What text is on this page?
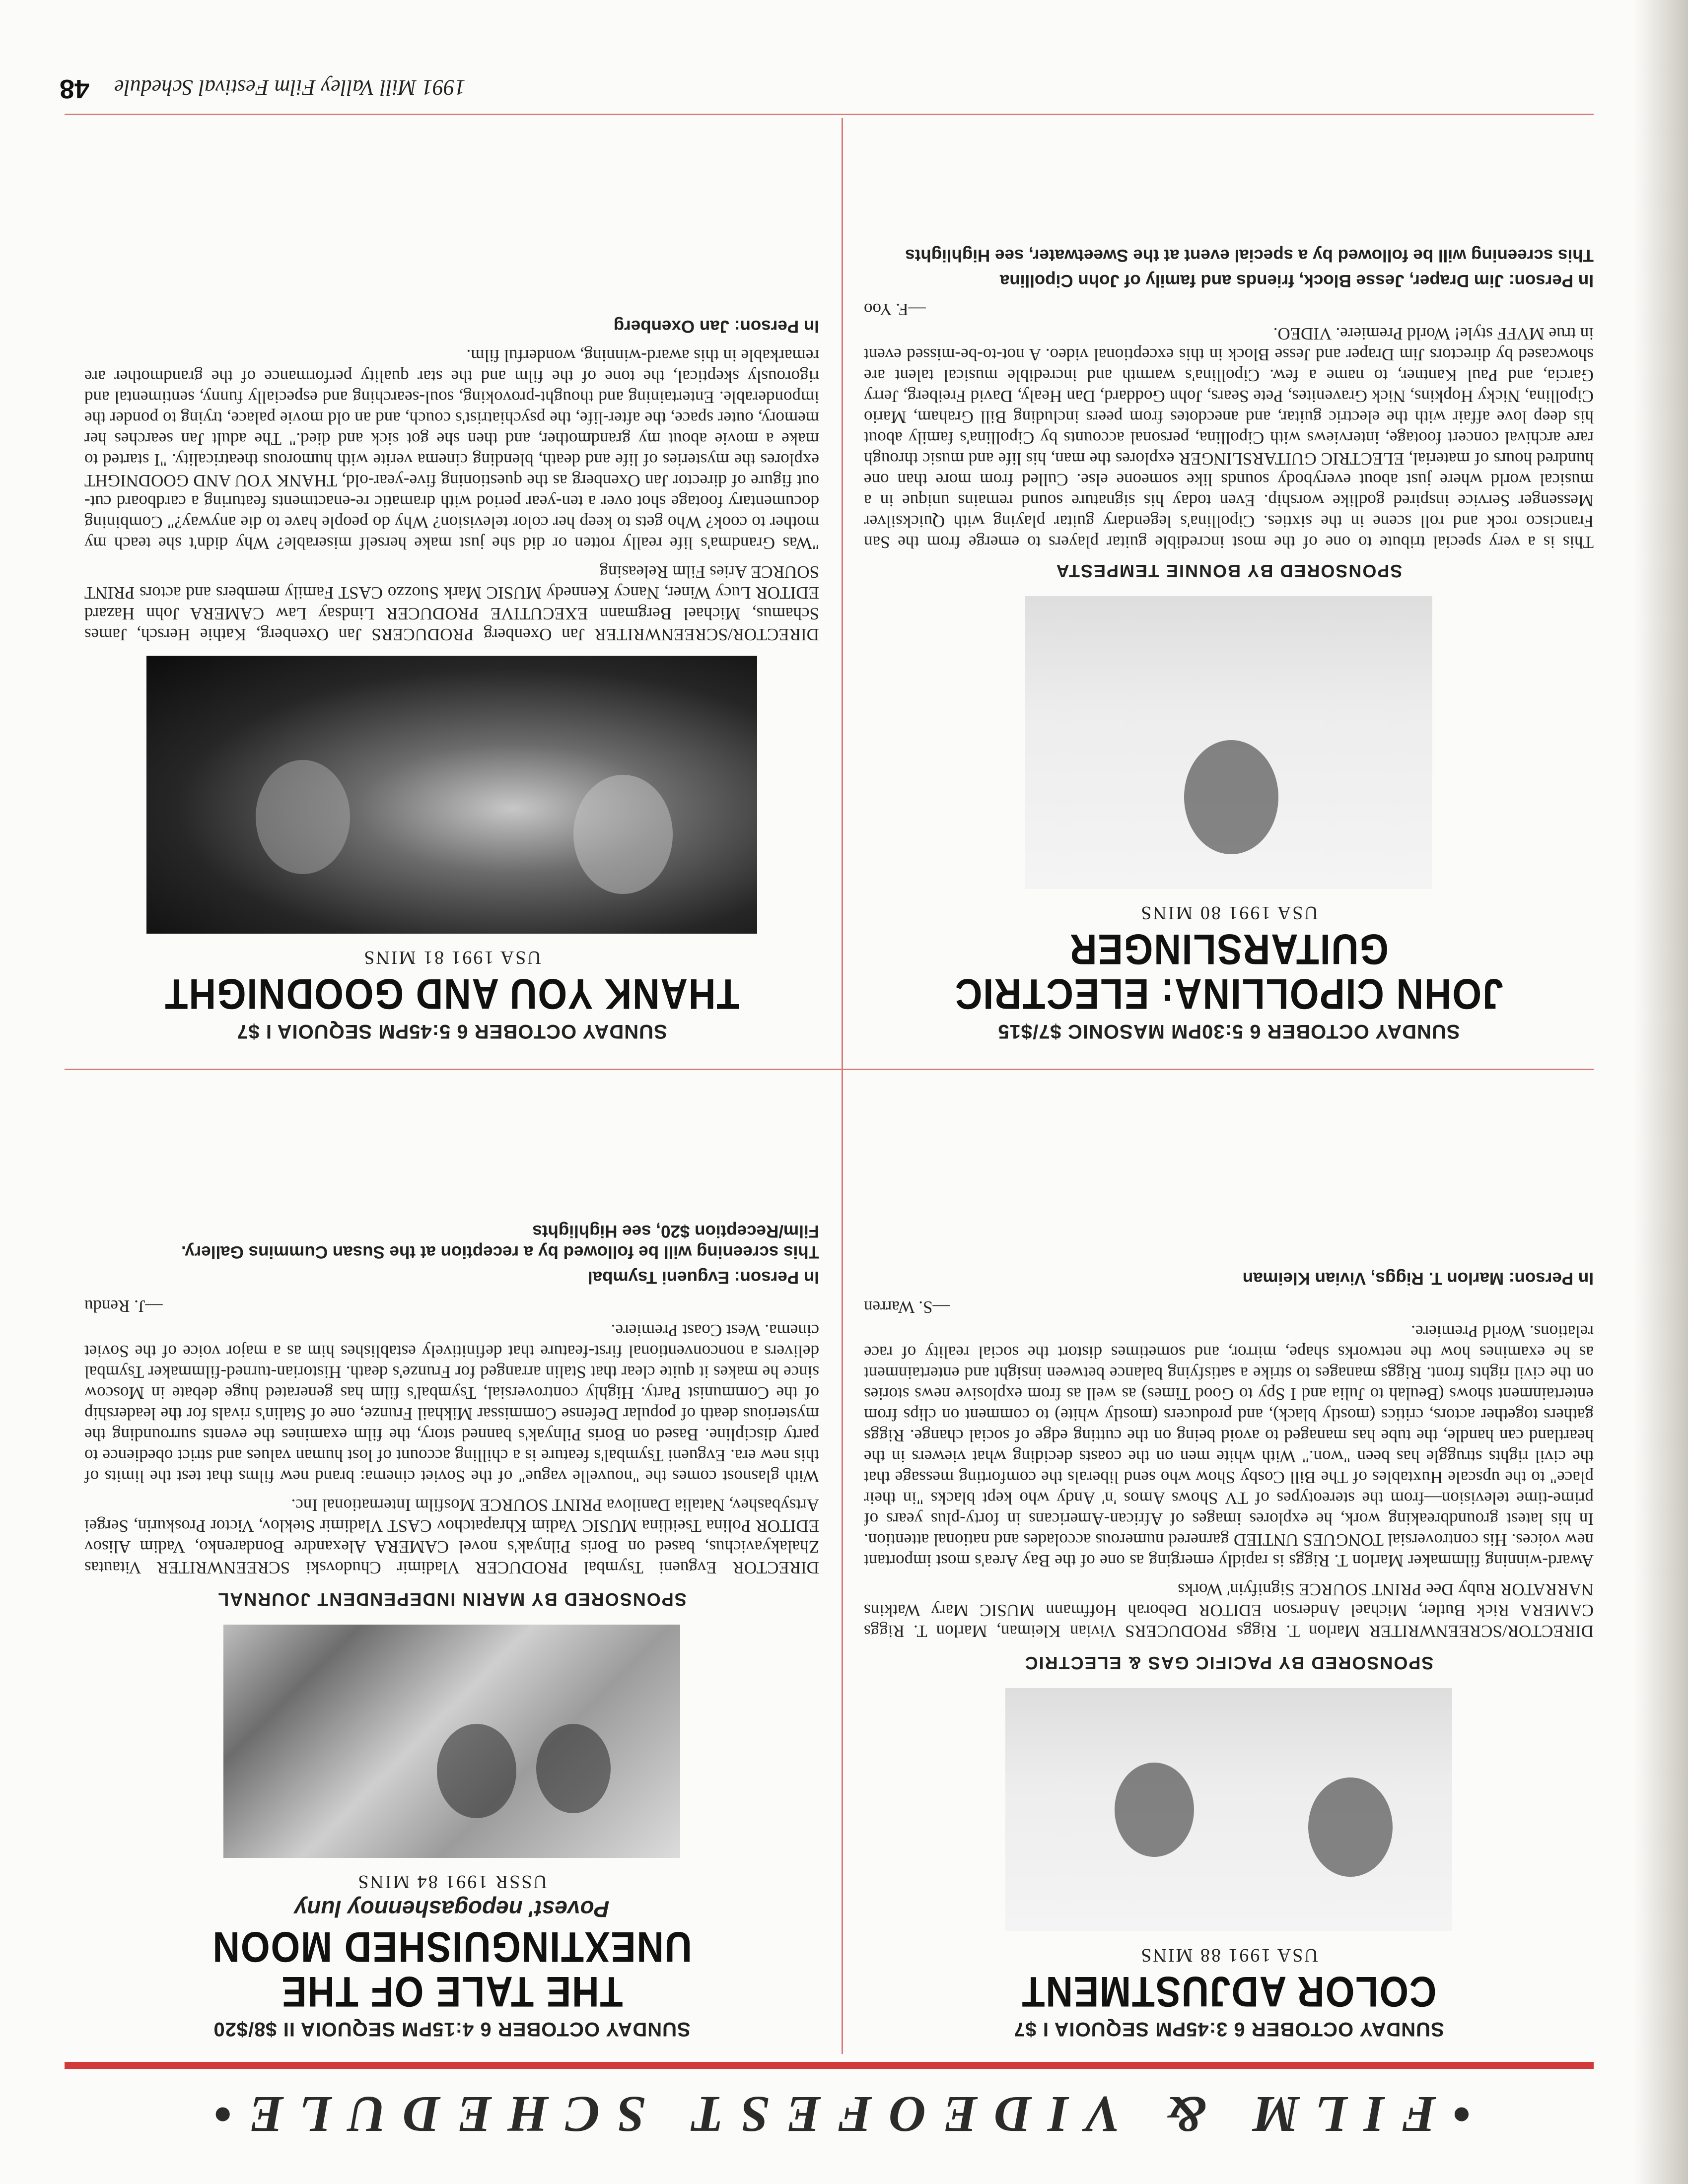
•FILM & VIDEOFEST SCHEDULE•
SUNDAY OCTOBER 6 3:45PM SEQUOIA I $7
COLOR ADJUSTMENT
USA 1991 88 MINS
SPONSORED BY PACIFIC GAS & ELECTRIC
DIRECTOR/SCREENWRITER Marlon T. Riggs PRODUCERS Vivian Kleiman, Marlon T. Riggs CAMERA Rick Butler, Michael Anderson EDITOR Deborah Hoffmann MUSIC Mary Watkins NARRATOR Ruby Dee PRINT SOURCE Signifyin' Works
Award-winning filmmaker Marlon T. Riggs is rapidly emerging as one of the Bay Area's most important new voices. His controversial TONGUES UNTIED garnered numerous accolades and national attention. In his latest groundbreaking work, he explores images of African-Americans in forty-plus years of prime-time television—from the stereotypes of TV Shows Amos 'n' Andy who kept blacks "in their place" to the upscale Huxtables of The Bill Cosby Show who send liberals the comforting message that the civil rights struggle has been "won." With white men on the coasts deciding what viewers in the heartland can handle, the tube has managed to avoid being on the cutting edge of social change. Riggs gathers together actors, critics (mostly black), and producers (mostly white) to comment on clips from entertainment shows (Beulah to Julia and I Spy to Good Times) as well as from explosive news stories on the civil rights front. Riggs manages to strike a satisfying balance between insight and entertainment as he examines how the networks shape, mirror, and sometimes distort the social reality of race relations. World Premiere.
—S. Warren
In Person: Marlon T. Riggs, Vivian Kleiman
SUNDAY OCTOBER 6 4:15PM SEQUOIA II $8/$20
THE TALE OF THE UNEXTINGUISHED MOON
Povest' nepogashennoy luny
USSR 1991 84 MINS
SPONSORED BY MARIN INDEPENDENT JOURNAL
DIRECTOR Evgueni Tsymbal PRODUCER Vladimir Chudovski SCREENWRITER Vitautas Zhalakyavichus, based on Boris Pilnyak's novel CAMERA Alexandre Bondarenko, Vadim Alisov EDITOR Polina Tseitlina MUSIC Vadim Khrapatchov CAST Vladimir Steklov, Victor Proskurin, Sergei Artsybashev, Natalia Danilova PRINT SOURCE Mosfilm International Inc.
With glasnost comes the "nouvelle vague" of the Soviet cinema: brand new films that test the limits of this new era. Evgueni Tsymbal's feature is a chilling account of lost human values and strict obedience to party discipline. Based on Boris Pilnyak's banned story, the film examines the events surrounding the mysterious death of popular Defense Commissar Mikhail Frunze, one of Stalin's rivals for the leadership of the Communist Party. Highly controversial, Tsymbal's film has generated huge debate in Moscow since he makes it quite clear that Stalin arranged for Frunze's death. Historian-turned-filmmaker Tsymbal delivers a nonconventional first-feature that definitively establishes him as a major voice of the Soviet cinema. West Coast Premiere.
—J. Rendu
In Person: Evgueni Tsymbal
This screening will be followed by a reception at the Susan Cummins Gallery. Film/Reception $20, see Highlights
SUNDAY OCTOBER 6 5:30PM MASONIC $7/$15
JOHN CIPOLLINA: ELECTRIC GUITARSLINGER
USA 1991 80 MINS
SPONSORED BY BONNIE TEMPESTA
This is a very special tribute to one of the most incredible guitar players to emerge from the San Francisco rock and roll scene in the sixties. Cipollina's legendary guitar playing with Quicksilver Messenger Service inspired godlike worship. Even today his signature sound remains unique in a musical world where just about everybody sounds like someone else. Culled from more than one hundred hours of material, ELECTRIC GUITARSLINGER explores the man, his life and music through rare archival concert footage, interviews with Cipollina, personal accounts by Cipollina's family about his deep love affair with the electric guitar, and anecdotes from peers including Bill Graham, Mario Cipollina, Nicky Hopkins, Nick Gravenites, Pete Sears, John Goddard, Dan Healy, David Freiberg, Jerry Garcia, and Paul Kantner, to name a few. Cipollina's warmth and incredible musical talent are showcased by directors Jim Draper and Jesse Block in this exceptional video. A not-to-be-missed event in true MVFF style! World Premiere. VIDEO.
—F. Yoo
In Person: Jim Draper, Jesse Block, friends and family of John Cipollina
This screening will be followed by a special event at the Sweetwater, see Highlights
SUNDAY OCTOBER 6 5:45PM SEQUOIA I $7
THANK YOU AND GOODNIGHT
USA 1991 81 MINS
DIRECTOR/SCREENWRITER Jan Oxenberg PRODUCERS Jan Oxenberg, Kathie Hersch, James Schamus, Michael Bergmann EXECUTIVE PRODUCER Lindsay Law CAMERA John Hazard EDITOR Lucy Winer, Nancy Kennedy MUSIC Mark Suozzo CAST Family members and actors PRINT SOURCE Aries Film Releasing
"Was Grandma's life really rotten or did she just make herself miserable? Why didn't she teach my mother to cook? Who gets to keep her color television? Why do people have to die anyway?" Combining documentary footage shot over a ten-year period with dramatic re-enactments featuring a cardboard cut-out figure of director Jan Oxenberg as the questioning five-year-old, THANK YOU AND GOODNIGHT explores the mysteries of life and death, blending cinema verite with humorous theatricality. "I started to make a movie about my grandmother, and then she got sick and died." The adult Jan searches her memory, outer space, the after-life, the psychiatrist's couch, and an old movie palace, trying to ponder the imponderable. Entertaining and thought-provoking, soul-searching and especially funny, sentimental and rigorously skeptical, the tone of the film and the star quality performance of the grandmother are remarkable in this award-winning, wonderful film.
In Person: Jan Oxenberg
1991 Mill Valley Film Festival Schedule
48
